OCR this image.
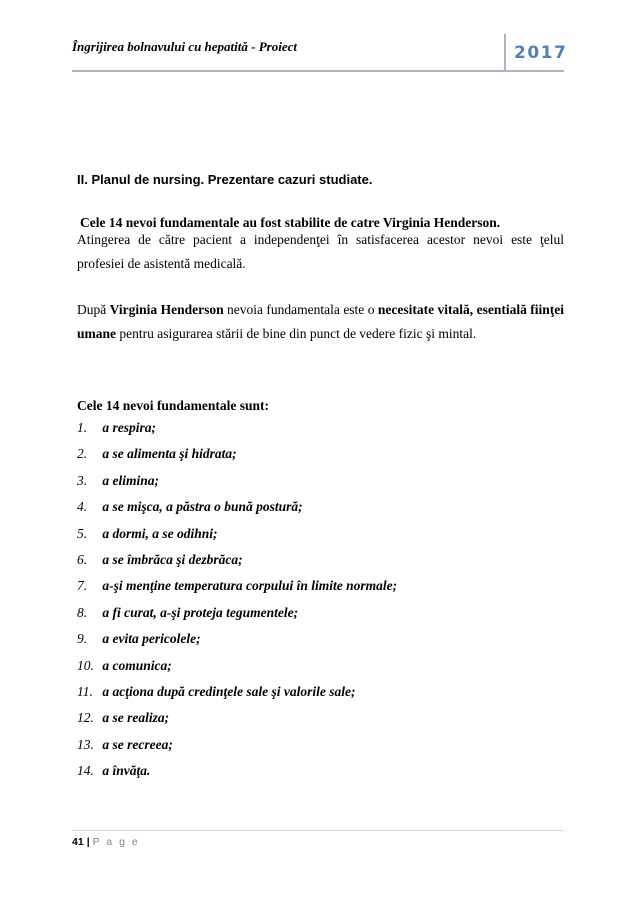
Îngrijirea bolnavului cu hepatită - Proiect	2017
II. Planul de nursing. Prezentare cazuri studiate.
Cele 14 nevoi fundamentale au fost stabilite de catre Virginia Henderson.
Atingerea de către pacient a independenţei în satisfacerea acestor nevoi este ţelul profesiei de asistentă medicală.
După Virginia Henderson nevoia fundamentala este o necesitate vitală, esentială fiinţei umane pentru asigurarea stării de bine din punct de vedere fizic şi mintal.
Cele 14 nevoi fundamentale sunt:
1. a respira;
2. a se alimenta şi hidrata;
3. a elimina;
4. a se mişca, a păstra o bună postură;
5. a dormi, a se odihni;
6. a se îmbrăca şi dezbrăca;
7. a-şi menţine temperatura corpului în limite normale;
8. a fi curat, a-şi proteja tegumentele;
9. a evita pericolele;
10. a comunica;
11. a acţiona după credinţele sale şi valorile sale;
12. a se realiza;
13. a se recreea;
14. a învăţa.
41 | P a g e
